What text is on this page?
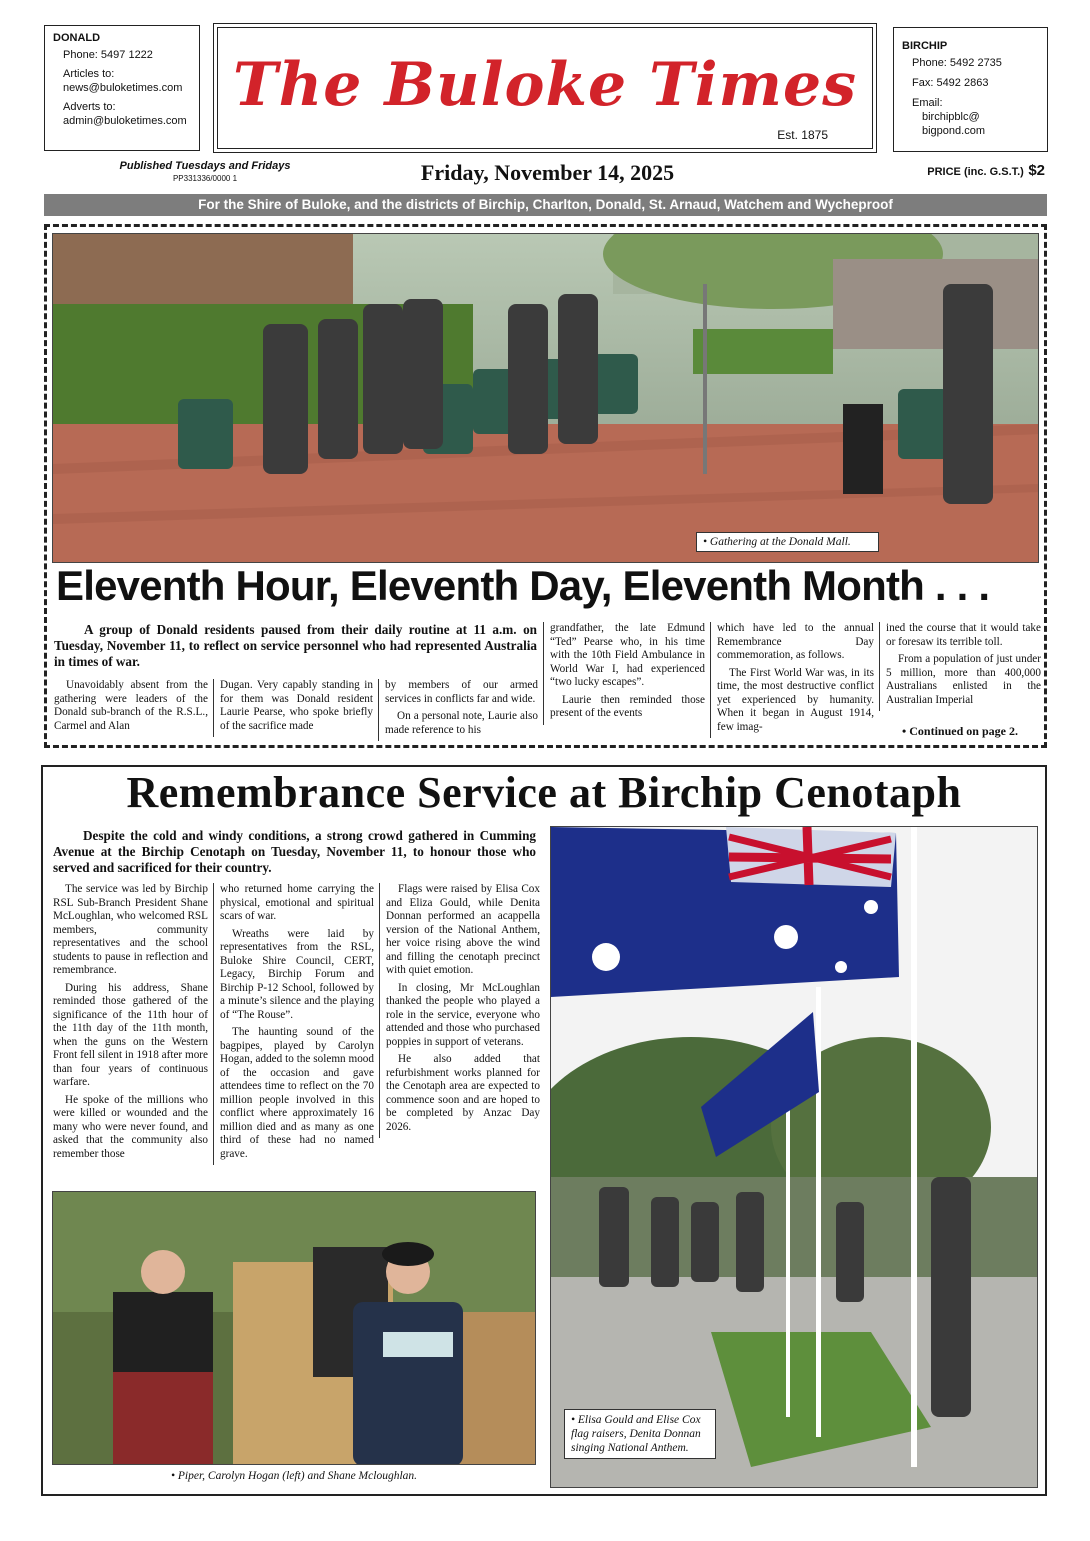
DONALD

Phone: 5497 1222

Articles to:

news@buloketimes.com

Adverts to:

admin@buloketimes.com

The Buloke Times
Est. 1875

BIRCHIP

Phone: 5492 2735

Fax: 5492 2863

Email:

birchipblc@

bigpond.com

Published Tuesdays and Fridays
PP331336/0000 1	Friday, November 14, 2025	PRICE (inc. G.S.T.) $2
For the Shire of Buloke, and the districts of Birchip, Charlton, Donald, St. Arnaud, Watchem and Wycheproof
• Gathering at the Donald Mall.
Eleventh Hour, Eleventh Day, Eleventh Month . . .
A group of Donald residents paused from their daily routine at 11 a.m. on Tuesday, November 11, to reflect on service personnel who had represented Australia in times of war.

Unavoidably absent from the gathering were leaders of the Donald sub-branch of the R.S.L., Carmel and Alan

Dugan. Very capably standing in for them was Donald resident Laurie Pearse, who spoke briefly of the sacrifice made

by members of our armed services in conflicts far and wide.

On a personal note, Laurie also made reference to his

grandfather, the late Edmund “Ted” Pearse who, in his time with the 10th Field Ambulance in World War I, had experienced “two lucky escapes”.

Laurie then reminded those present of the events

which have led to the annual Remembrance Day commemoration, as follows.

The First World War was, in its time, the most destructive conflict yet experienced by humanity. When it began in August 1914, few imag-

ined the course that it would take or foresaw its terrible toll.

From a population of just under 5 million, more than 400,000 Australians enlisted in the Australian Imperial

• Continued on page 2.
Remembrance Service at Birchip Cenotaph
Despite the cold and windy conditions, a strong crowd gathered in Cumming Avenue at the Birchip Cenotaph on Tuesday, November 11, to honour those who served and sacrificed for their country.

The service was led by Birchip RSL Sub-Branch President Shane McLoughlan, who welcomed RSL members, community representatives and the school students to pause in reflection and remembrance.

During his address, Shane reminded those gathered of the significance of the 11th hour of the 11th day of the 11th month, when the guns on the Western Front fell silent in 1918 after more than four years of continuous warfare.

He spoke of the millions who were killed or wounded and the many who were never found, and asked that the community also remember those

who returned home carrying the physical, emotional and spiritual scars of war.

Wreaths were laid by representatives from the RSL, Buloke Shire Council, CERT, Legacy, Birchip Forum and Birchip P-12 School, followed by a minute’s silence and the playing of “The Rouse”.

The haunting sound of the bagpipes, played by Carolyn Hogan, added to the solemn mood of the occasion and gave attendees time to reflect on the 70 million people involved in this conflict where approximately 16 million died and as many as one third of these had no named grave.

Flags were raised by Elisa Cox and Eliza Gould, while Denita Donnan performed an acappella version of the National Anthem, her voice rising above the wind and filling the cenotaph precinct with quiet emotion.

In closing, Mr McLoughlan thanked the people who played a role in the service, everyone who attended and those who purchased poppies in support of veterans.

He also added that refurbishment works planned for the Cenotaph area are expected to commence soon and are hoped to be completed by Anzac Day 2026.

• Elisa Gould and Elise Cox flag raisers, Denita Donnan singing National Anthem.
• Piper, Carolyn Hogan (left) and Shane Mcloughlan.
